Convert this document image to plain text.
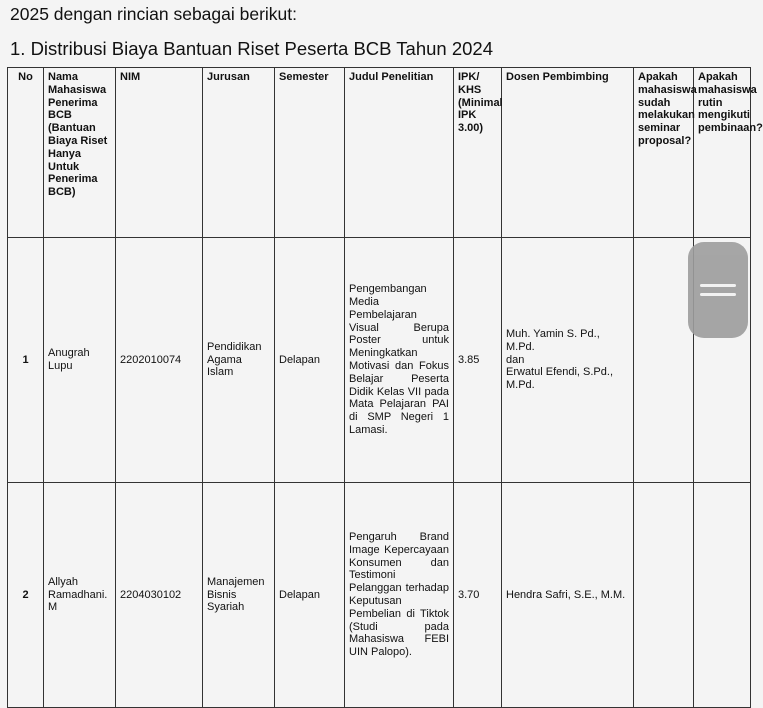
2025 dengan rincian sebagai berikut:
1. Distribusi Biaya Bantuan Riset Peserta BCB Tahun 2024
No	Nama Mahasiswa Penerima BCB (Bantuan Biaya Riset Hanya Untuk Penerima BCB)	NIM	Jurusan	Semester	Judul Penelitian	IPK/ KHS (Minimal IPK 3.00)	Dosen Pembimbing	Apakah mahasiswa sudah melakukan seminar proposal?	Apakah mahasiswa rutin mengikuti pembinaan?
1	Anugrah Lupu	2202010074	Pendidikan Agama Islam	Delapan	Pengembangan Media Pembelajaran Visual Berupa Poster untuk Meningkatkan Motivasi dan Fokus Belajar Peserta Didik Kelas VII pada Mata Pelajaran PAI di SMP Negeri 1 Lamasi.	3.85	Muh. Yamin S. Pd., M.Pd.
dan
Erwatul Efendi, S.Pd., M.Pd.		

2	Allyah Ramadhani. M	2204030102	Manajemen Bisnis Syariah	Delapan	Pengaruh Brand Image Kepercayaan Konsumen dan Testimoni Pelanggan terhadap Keputusan Pembelian di Tiktok (Studi pada Mahasiswa FEBI UIN Palopo).	3.70	Hendra Safri, S.E., M.M.		
